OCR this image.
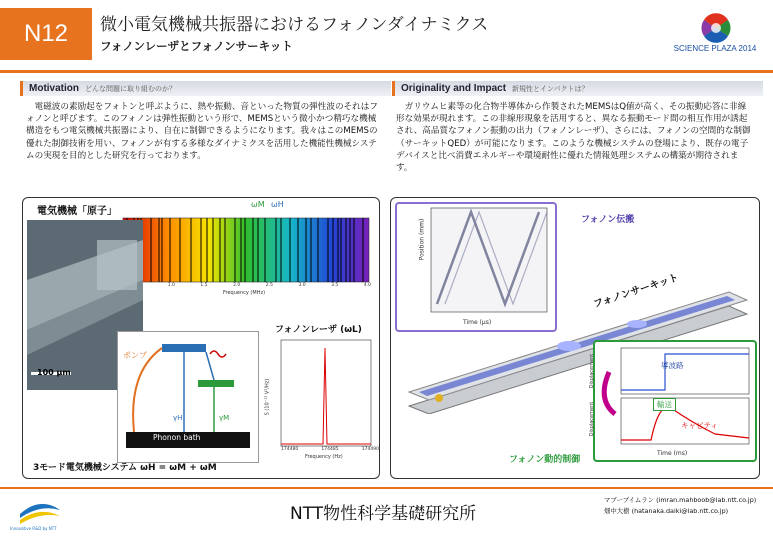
N12 微小電気機械共振器におけるフォノンダイナミクス
フォノンレーザとフォノンサーキット	SCIENCE PLAZA 2014
Motivation どんな問題に取り組むのか？	Originality and Impact 新規性とインパクトは？
電磁波の素励起をフォトンと呼ぶように、熱や振動、音といった物質の弾性波のそれはフォノンと呼びます。このフォノンは弾性振動という形で、MEMSという微小かつ精巧な機械構造をもつ電気機械共振器により、自在に制御できるようになります。我々はこのMEMSの優れた制御技術を用い、フォノンが有する多様なダイナミクスを活用した機能性機械システムの実現を目的とした研究を行っております。
ガリウムヒ素等の化合物半導体から作製されたMEMSはQ値が高く、その振動応答に非線形な効果が現れます。この非線形現象を活用すると、異なる振動モード間の相互作用が誘起され、高品質なフォノン振動の出力（フォノンレーザ）、さらには、フォノンの空間的な制御（サーキットQED）が可能になります。このような機械システムの登場により、既存の電子デバイスと比べ消費エネルギーや環境耐性に優れた情報処理システムの構築が期待されます。
電気機械「原子」
ωM ωH
1.0	1.5	2.0	2.5	3.0	3.5	4.0
Frequency (MHz)
100 μm
ポンプ
γH	γM
Phonon bath
フォノンレーザ (ωL)
174480	174485	174490
Frequency (Hz)
S (10⁻¹² V²/Hz)
3モード電気機械システム ωH = ωM + ωM
Position (mm)
Time (μs)
フォノン伝搬
フォノンサーキット
導波路
輸送
キャビティ
Displacement
Displacement
Time (ms)
フォノン動的制御
Innovative R&D by NTT
NTT物性科学基礎研究所
マブーブイムラン (imran.mahboob@lab.ntt.co.jp)
畑中大樹 (hatanaka.daiki@lab.ntt.co.jp)
